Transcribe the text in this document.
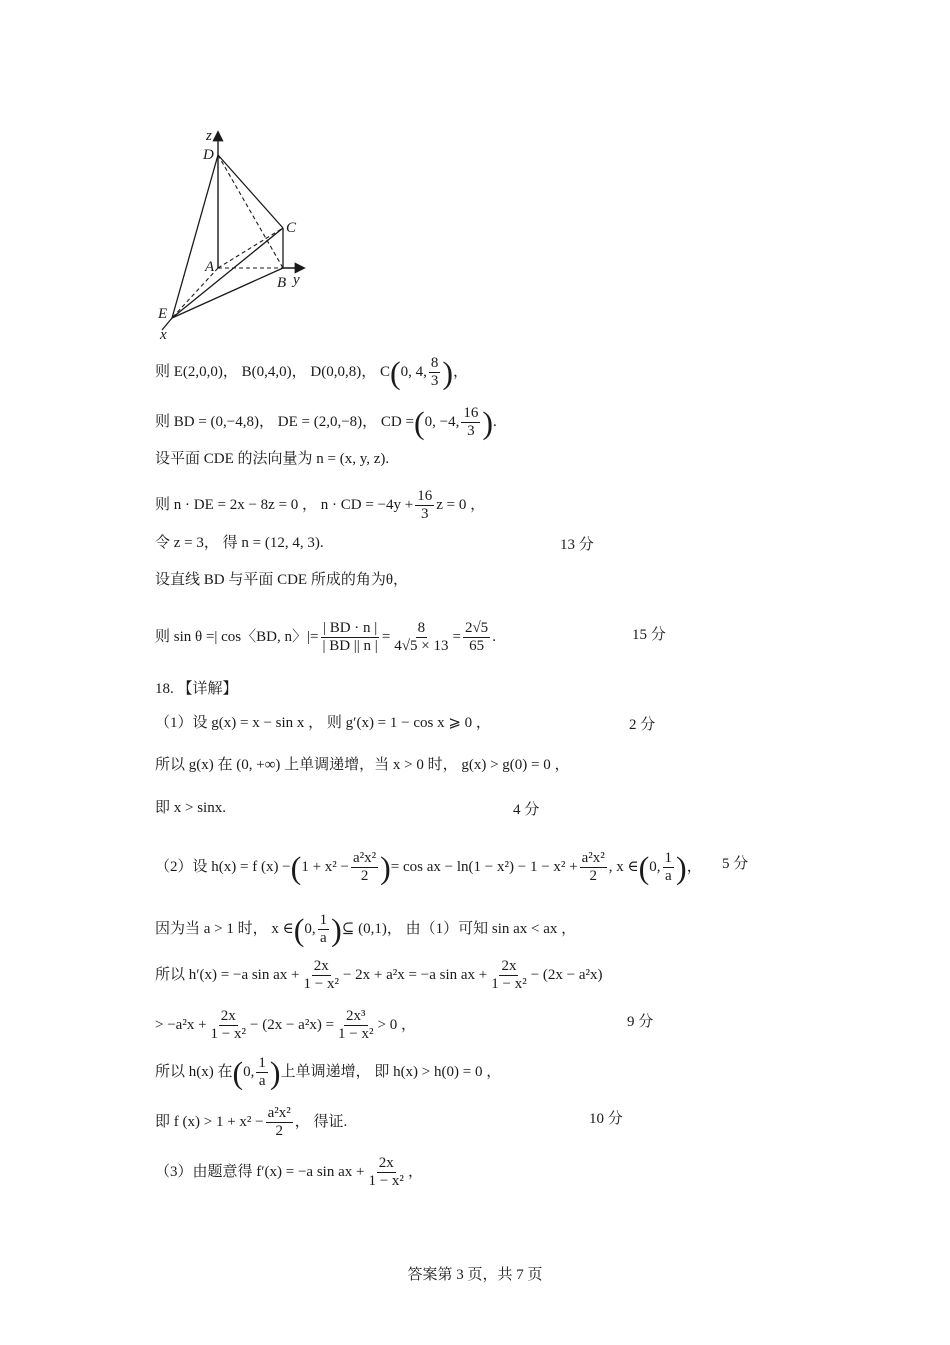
z
D
C
A
B y
E
x
则 E(2,0,0)， B(0,4,0)， D(0,0,8)， C(0, 4, $\frac{8}{3}$ )，
则 BD = (0,−4,8)， DE = (2,0,−8)， CD =(0, −4, $\frac{16}{3}$ ).
设平面 CDE 的法向量为 n = (x, y, z).
则 n · DE = 2x − 8z = 0 ， n · CD = $-4y + \frac{16}{3}$ z = 0 ，
令 z = 3， 得 n = (12, 4, 3).	13 分
设直线 BD 与平面 CDE 所成的角为θ，
则 sin θ =| cos〈BD, n〉|= $\frac{| BD \cdot n |}{| BD || n |} = \frac{8}{4√5 \times 13} = \frac{2√5}{65}$ .	15 分
18. 【详解】
（1）设 g(x) = x − sin x ， 则 g′(x) = 1 − cos x ⩾ 0 ，	2 分
所以 g(x) 在 (0, +∞) 上单调递增，当 x > 0 时， g(x) > g(0) = 0 ，
即 x > sinx.	4 分
（2）设 h(x) = f $(x) -(1 + x^2 - \frac{\text{a²x²}}{2}$ )= cos ax − $\ln(1 - x^2) - 1 - x^2 + \frac{\text{a²x²}}{2}$ , x ∈(0, $\frac{1}{a}$ )， 5 分
因为当 a > 1 时， x ∈(0, $\frac{1}{a}$ )⊆ (0,1)， 由（1）可知 sin ax < ax ，
所以 h′(x) = −a sin ax + $\frac{2x}{\text{1 − x²}} - 2x + a^2x = -a$ sin ax + $\frac{2x}{\text{1 − x²}} - (2x - a^2x)$
> $-a^2x + \frac{2x}{\text{1 − x²}} - (2x - a^2x) = \frac{\text{2x³}}{\text{1 − x²}} > 0$ ，	9 分
所以 h(x) 在(0, $\frac{1}{a}$ )上单调递增， 即 h(x) > h(0) = 0 ，
即 f $(x) > 1 + x^2 - \frac{\text{a²x²}}{2}$ ， 得证.	10 分
（3）由题意得 f′(x) = −a sin ax + $\frac{2x}{\text{1 − x²}}$ ，
答案第 3 页，共 7 页
